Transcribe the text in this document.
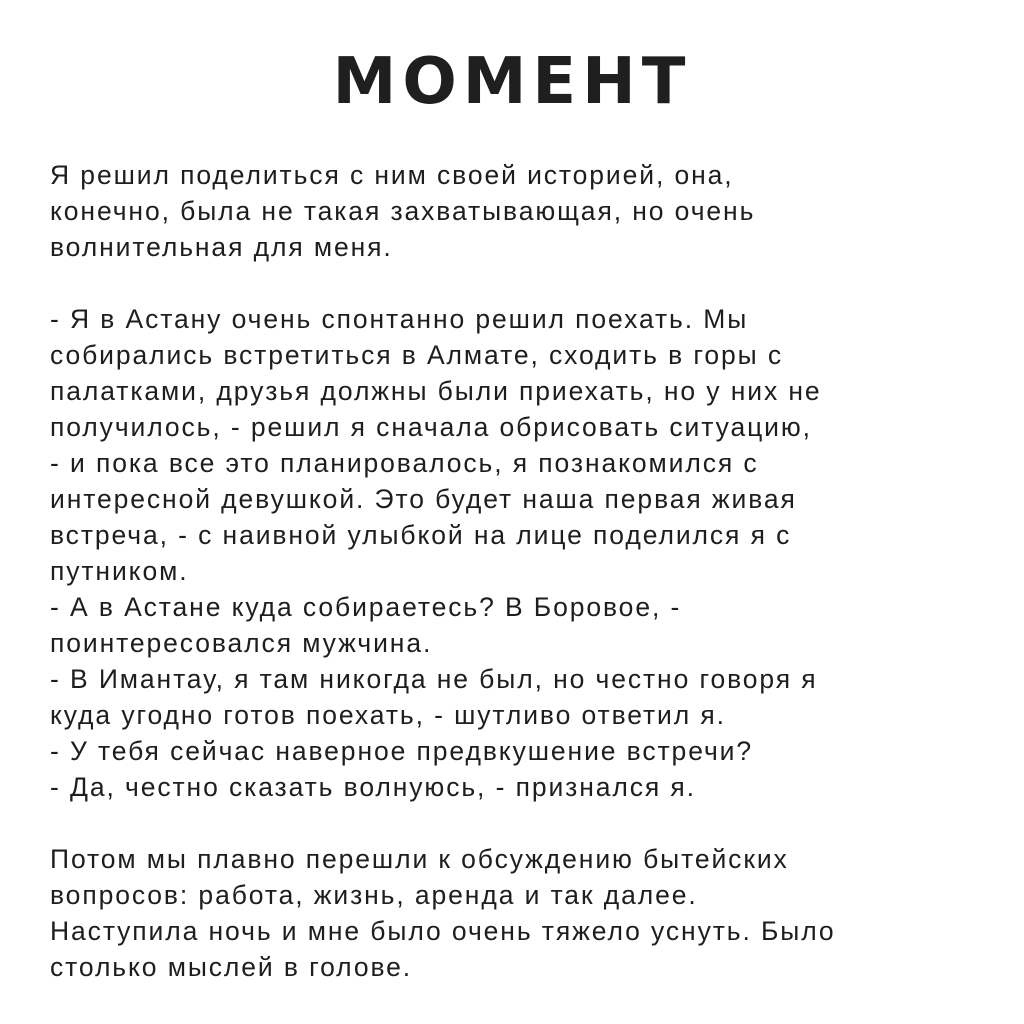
МОМЕНТ
Я решил поделиться с ним своей историей, она,
конечно, была не такая захватывающая, но очень
волнительная для меня.
- Я в Астану очень спонтанно решил поехать. Мы
собирались встретиться в Алмате, сходить в горы с
палатками, друзья должны были приехать, но у них не
получилось, - решил я сначала обрисовать ситуацию,
- и пока все это планировалось, я познакомился с
интересной девушкой. Это будет наша первая живая
встреча, - с наивной улыбкой на лице поделился я с
путником.
- А в Астане куда собираетесь? В Боровое, -
поинтересовался мужчина.
- В Имантау, я там никогда не был, но честно говоря я
куда угодно готов поехать, - шутливо ответил я.
- У тебя сейчас наверное предвкушение встречи?
- Да, честно сказать волнуюсь, - признался я.
Потом мы плавно перешли к обсуждению бытейских
вопросов: работа, жизнь, аренда и так далее.
Наступила ночь и мне было очень тяжело уснуть. Было
столько мыслей в голове.
